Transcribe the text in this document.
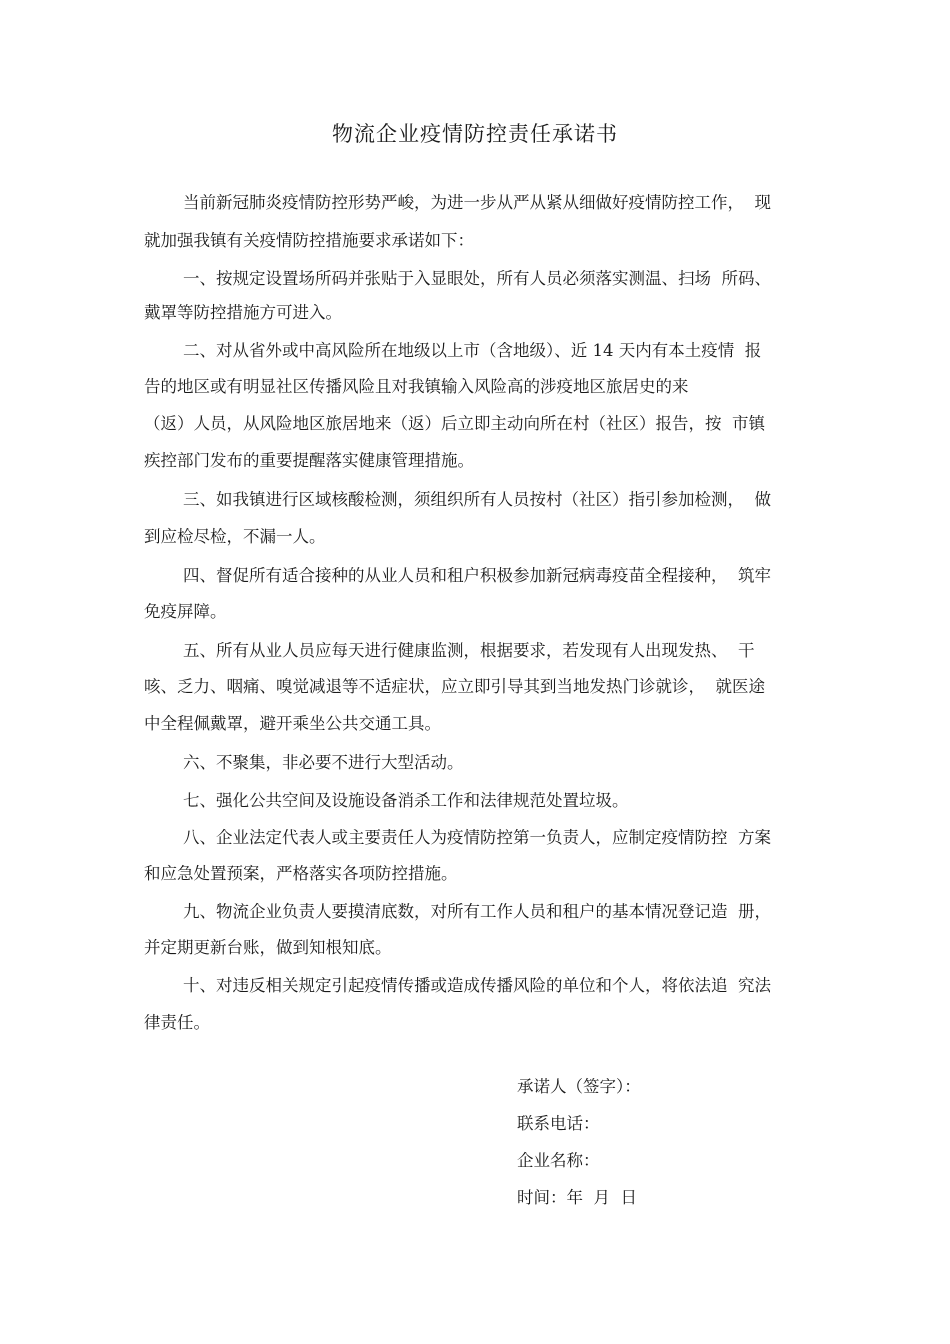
物流企业疫情防控责任承诺书

当前新冠肺炎疫情防控形势严峻，为进一步从严从紧从细做好疫情防控工作，  现

就加强我镇有关疫情防控措施要求承诺如下：

一、按规定设置场所码并张贴于入显眼处，所有人员必须落实测温、扫场  所码、

戴罩等防控措施方可进入。

二、对从省外或中高风险所在地级以上市（含地级）、近 14 天内有本土疫情  报

告的地区或有明显社区传播风险且对我镇输入风险高的涉疫地区旅居史的来

（返）人员，从风险地区旅居地来（返）后立即主动向所在村（社区）报告，按  市镇

疾控部门发布的重要提醒落实健康管理措施。

三、如我镇进行区域核酸检测，须组织所有人员按村（社区）指引参加检测，  做

到应检尽检，不漏一人。

四、督促所有适合接种的从业人员和租户积极参加新冠病毒疫苗全程接种，  筑牢

免疫屏障。

五、所有从业人员应每天进行健康监测，根据要求，若发现有人出现发热、  干

咳、乏力、咽痛、嗅觉减退等不适症状，应立即引导其到当地发热门诊就诊，  就医途

中全程佩戴罩，避开乘坐公共交通工具。

六、不聚集，非必要不进行大型活动。

七、强化公共空间及设施设备消杀工作和法律规范处置垃圾。

八、企业法定代表人或主要责任人为疫情防控第一负责人，应制定疫情防控  方案

和应急处置预案，严格落实各项防控措施。

九、物流企业负责人要摸清底数，对所有工作人员和租户的基本情况登记造  册，

并定期更新台账，做到知根知底。

十、对违反相关规定引起疫情传播或造成传播风险的单位和个人，将依法追  究法

律责任。

承诺人（签字）：

联系电话：

企业名称：

时间：年  月  日
